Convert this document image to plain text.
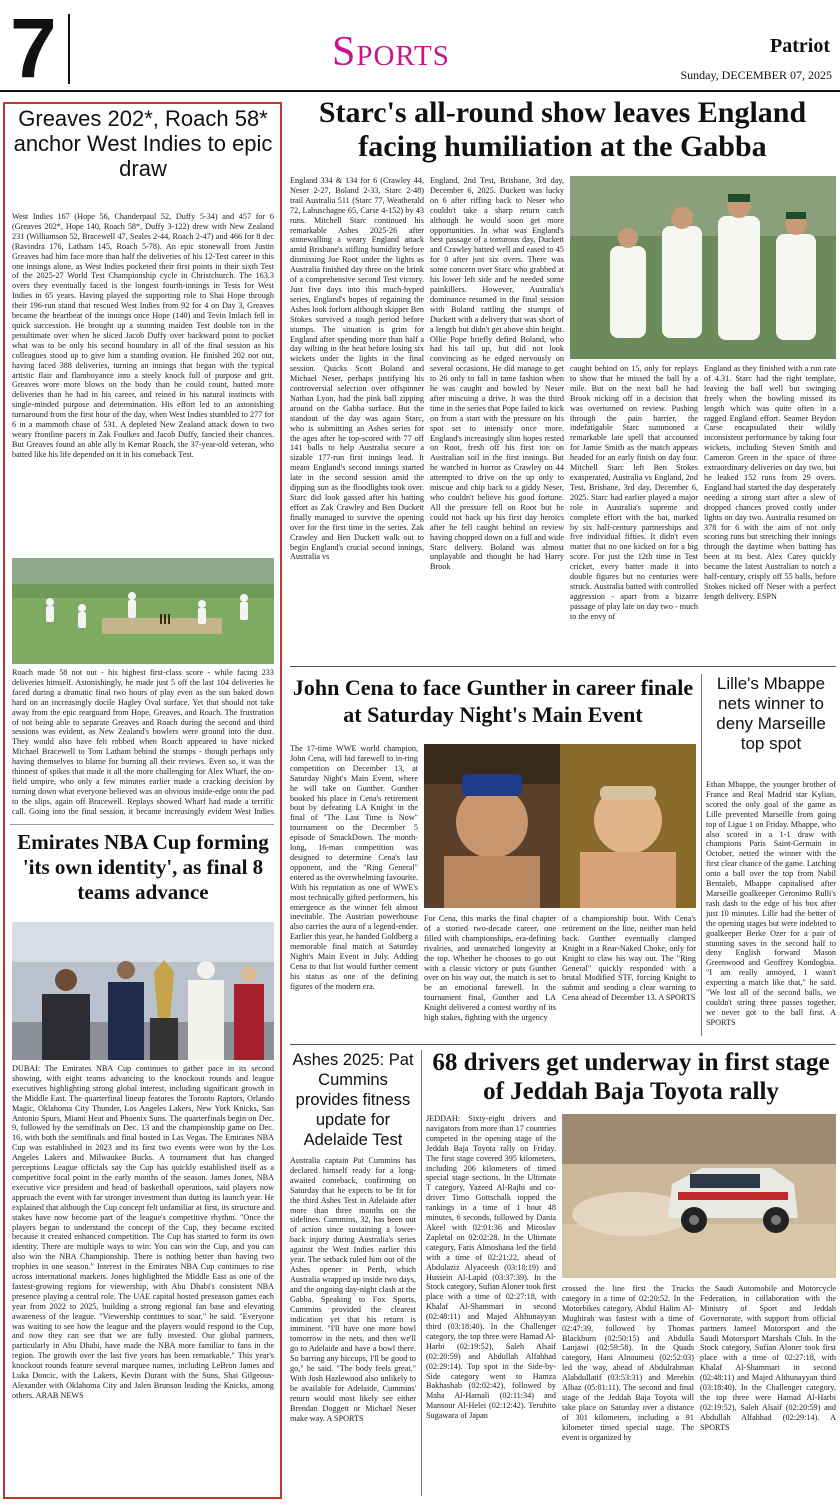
7	Sports	Patriot
Sunday, DECEMBER 07, 2025
Greaves 202*, Roach 58* anchor West Indies to epic draw
West Indies 167 (Hope 56, Chanderpaul 52, Duffy 5-34) and 457 for 6 (Greaves 202*, Hope 140, Roach 58*, Duffy 3-122) drew with New Zealand 231 (Williamson 52, Bracewell 47, Seales 2-44, Roach 2-47) and 466 for 8 dec (Ravindra 176, Latham 145, Roach 5-78). An epic stonewall from Justin Greaves had him face more than half the deliveries of his 12-Test career in this one innings alone, as West Indies pocketed their first points in their sixth Test of the 2025-27 World Test Championship cycle in Christchurch. The 163.3 overs they eventually faced is the longest fourth-innings in Tests for West Indies in 65 years. Having played the supporting role to Shai Hope through their 196-run stand that rescued West Indies from 92 for 4 on Day 3, Greaves became the heartbeat of the innings once Hope (140) and Tevin Imlach fell in quick succession. He brought up a stunning maiden Test double ton in the penultimate over when he sliced Jacob Duffy over backward point to pocket what was to be only his second boundary in all of the final session as his colleagues stood up to give him a standing ovation. He finished 202 not out, having faced 388 deliveries, turning an innings that began with the typical artistic flair and flamboyance into a steely knock full of purpose and grit. Greaves wore more blows on the body than he could count, batted more deliveries than he had in his career, and reined in his natural instincts with single-minded purpose and determination. His effort led to an astonishing turnaround from the first hour of the day, when West Indies stumbled to 277 for 6 in a mammoth chase of 531. A depleted New Zealand attack down to two weary frontline pacers in Zak Foulkes and Jacob Duffy, fancied their chances. But Greaves found an able ally in Kemar Roach, the 37-year-old veteran, who batted like his life depended on it in his comeback Test.
Roach made 58 not out - his highest first-class score - while facing 233 deliveries himself. Astonishingly, he made just 5 off the last 104 deliveries he faced during a dramatic final two hours of play even as the sun baked down hard on an increasingly docile Hagley Oval surface. Yet that should not take away from the epic rearguard from Hope, Greaves, and Roach. The frustration of not being able to separate Greaves and Roach during the second and third sessions was evident, as New Zealand's bowlers were ground into the dust. They would also have felt robbed when Roach appeared to have nicked Michael Bracewell to Tom Latham behind the stumps - though perhaps only having themselves to blame for burning all their reviews. Even so, it was the thinnest of spikes that made it all the more challenging for Alex Wharf, the on-field umpire, who only a few minutes earlier made a cracking decision by turning down what everyone believed was an obvious inside-edge onto the pad to the slips, again off Bracewell. Replays showed Wharf had made a terrific call. Going into the final session, it became increasingly evident West Indies
Emirates NBA Cup forming 'its own identity', as final 8 teams advance
DUBAI: The Emirates NBA Cup continues to gather pace in its second showing, with eight teams advancing to the knockout rounds and league executives highlighting strong global interest, including significant growth in the Middle East. The quarterfinal lineup features the Toronto Raptors, Orlando Magic, Oklahoma City Thunder, Los Angeles Lakers, New York Knicks, San Antonio Spurs, Miami Heat and Phoenix Suns. The quarterfinals begin on Dec. 9, followed by the semifinals on Dec. 13 and the championship game on Dec. 16, with both the semifinals and final hosted in Las Vegas. The Emirates NBA Cup was established in 2023 and its first two events were won by the Los Angeles Lakers and Milwaukee Bucks. A tournament that has changed perceptions League officials say the Cup has quickly established itself as a competitive focal point in the early months of the season. James Jones, NBA executive vice president and head of basketball operations, said players now approach the event with far stronger investment than during its launch year. He explained that although the Cup concept felt unfamiliar at first, its structure and stakes have now become part of the league's competitive rhythm. "Once the players began to understand the concept of the Cup, they became excited because it created enhanced competition. The Cup has started to form its own identity. There are multiple ways to win: You can win the Cup, and you can also win the NBA Championship. There is nothing better than having two trophies in one season." Interest in the Emirates NBA Cup continues to rise across international markets. Jones highlighted the Middle East as one of the fastest-growing regions for viewership, with Abu Dhabi's consistent NBA presence playing a central role. The UAE capital hosted preseason games each year from 2022 to 2025, building a strong regional fan base and elevating awareness of the league. "Viewership continues to soar," he said. "Everyone was waiting to see how the league and the players would respond to the Cup, and now they can see that we are fully invested. Our global partners, particularly in Abu Dhabi, have made the NBA more familiar to fans in the region. The growth over the last five years has been remarkable." This year's knockout rounds feature several marquee names, including LeBron James and Luka Doncic, with the Lakers, Kevin Durant with the Suns, Shai Gilgeous-Alexander with Oklahoma City and Jalen Brunson leading the Knicks, among others. ARAB NEWS
Starc's all-round show leaves England facing humiliation at the Gabba
England 334 & 134 for 6 (Crawley 44, Neser 2-27, Boland 2-33, Starc 2-48) trail Australia 511 (Starc 77, Weatherald 72, Labuschagne 65, Carse 4-152) by 43 runs. Mitchell Starc continued his remarkable Ashes 2025-26 after stonewalling a weary England attack amid Brisbane's stifling humidity before dismissing Joe Root under the lights as Australia finished day three on the brink of a comprehensive second Test victory. Just five days into this much-hyped series, England's hopes of regaining the Ashes look forlorn although skipper Ben Stokes survived a tough period before stumps. The situation is grim for England after spending more than half a day wilting in the heat before losing six wickets under the lights in the final session. Quicks Scott Boland and Michael Neser, perhaps justifying his controversial selection over offspinner Nathan Lyon, had the pink ball zipping around on the Gabba surface. But the standout of the day was again Starc, who is submitting an Ashes series for the ages after he top-scored with 77 off 141 balls to help Australia secure a sizable 177-run first innings lead. It meant England's second innings started late in the second session amid the dipping sun as the floodlights took over. Starc did look gassed after his batting effort as Zak Crawley and Ben Duckett finally managed to survive the opening over for the first time in the series. Zak Crawley and Ben Duckett walk out to begin England's crucial second innings, Australia vs
England, 2nd Test, Brisbane, 3rd day, December 6, 2025. Duckett was lucky on 6 after riffing back to Neser who couldn't take a sharp return catch although he would soon get more opportunities. In what was England's best passage of a torturous day, Duckett and Crawley batted well and eased to 45 for 0 after just six overs. There was some concern over Starc who grabbed at his lower left side and he needed some painkillers. However, Australia's dominance resumed in the final session with Boland rattling the stumps of Duckett with a delivery that was short of a length but didn't get above shin height. Ollie Pope briefly defied Boland, who had his tail up, but did not look convincing as he edged nervously on several occasions. He did manage to get to 26 only to fall in tame fashion when he was caught and bowled by Neser after miscuing a drive. It was the third time in the series that Pope failed to kick on from a start with the pressure on his spot set to intensify once more. England's increasingly slim hopes rested on Root, fresh off his first ton on Australian soil in the first innings. But he watched in horror as Crawley on 44 attempted to drive on the up only to miscue and chip back to a giddy Neser, who couldn't believe his good fortune. All the pressure fell on Root but he could not back up his first day heroics after he fell caught behind on review having chopped down on a full and wide Starc delivery. Boland was almost unplayable and thought he had Harry Brook
caught behind on 15, only for replays to show that he missed the ball by a mile. But on the next ball he had Brook nicking off in a decision that was overturned on review. Pushing through the pain barrier, the indefatigable Starc summoned a remarkable late spell that accounted for Jamie Smith as the match appears headed for an early finish on day four. Mitchell Starc left Ben Stokes exasperated, Australia vs England, 2nd Test, Brisbane, 3rd day, December 6, 2025. Starc had earlier played a major role in Australia's supreme and complete effort with the bat, marked by six half-century partnerships and five individual fifties. It didn't even matter that no one kicked on for a big score. For just the 12th time in Test cricket, every batter made it into double figures but no centuries were struck. Australia batted with controlled aggression - apart from a bizarre passage of play late on day two - much to the envy of
England as they finished with a run rate of 4.31. Starc had the right template, leaving the ball well but swinging freely when the bowling missed its length which was quite often in a ragged England effort. Seamer Brydon Carse encapsulated their wildly inconsistent performance by taking four wickets, including Steven Smith and Cameron Green in the space of three extraordinary deliveries on day two, but he leaked 152 runs from 29 overs. England had started the day desperately needing a strong start after a slew of dropped chances proved costly under lights on day two. Australia resumed on 378 for 6 with the aim of not only scoring runs but stretching their innings through the daytime when batting has been at its best. Alex Carey quickly became the latest Australian to notch a half-century, crisply off 55 balls, before Stokes nicked off Neser with a perfect length delivery. ESPN
John Cena to face Gunther in career finale at Saturday Night's Main Event
The 17-time WWE world champion, John Cena, will bid farewell to in-ring competition on December 13, at Saturday Night's Main Event, where he will take on Gunther. Gunther booked his place in Cena's retirement bout by defeating LA Knight in the final of "The Last Time is Now" tournament on the December 5 episode of SmackDown. The month-long, 16-man competition was designed to determine Cena's last opponent, and the "Ring General" entered as the overwhelming favourite. With his reputation as one of WWE's most technically gifted performers, his emergence as the winner felt almost inevitable. The Austrian powerhouse also carries the aura of a legend-ender. Earlier this year, he handed Goldberg a memorable final match at Saturday Night's Main Event in July. Adding Cena to that list would further cement his status as one of the defining figures of the modern era.
For Cena, this marks the final chapter of a storied two-decade career, one filled with championships, era-defining rivalries, and unmatched longevity at the top. Whether he chooses to go out with a classic victory or puts Gunther over on his way out, the match is set to be an emotional farewell. In the tournament final, Gunther and LA Knight delivered a contest worthy of its high stakes, fighting with the urgency
of a championship bout. With Cena's retirement on the line, neither man held back. Gunther eventually clamped Knight in a Rear-Naked Choke, only for Knight to claw his way out. The "Ring General" quickly responded with a brutal Modified STF, forcing Knight to submit and sending a clear warning to Cena ahead of December 13. A SPORTS
Lille's Mbappe nets winner to deny Marseille top spot
Ethan Mbappe, the younger brother of France and Real Madrid star Kylian, scored the only goal of the game as Lille prevented Marseille from going top of Ligue 1 on Friday. Mbappe, who also scored in a 1-1 draw with champions Paris Saint-Germain in October, netted the winner with the first clear chance of the game. Latching onto a ball over the top from Nabil Bentaleb, Mbappe capitalised after Marseille goalkeeper Geronimo Rulli's rash dash to the edge of his box after just 10 minutes. Lille had the better of the opening stages but were indebted to goalkeeper Berke Ozer for a pair of stunning saves in the second half to deny English forward Mason Greenwood and Geoffrey Kondogbia. "I am really annoyed, I wasn't expecting a match like that," he said. "We lost all of the second balls, we couldn't string three passes together, we never got to the ball first. A SPORTS
Ashes 2025: Pat Cummins provides fitness update for Adelaide Test
Australia captain Pat Cummins has declared himself ready for a long-awaited comeback, confirming on Saturday that he expects to be fit for the third Ashes Test in Adelaide after more than three months on the sidelines. Cummins, 32, has been out of action since sustaining a lower-back injury during Australia's series against the West Indies earlier this year. The setback ruled him out of the Ashes opener in Perth, which Australia wrapped up inside two days, and the ongoing day-night clash at the Gabba. Speaking to Fox Sports, Cummins provided the clearest indication yet that his return is imminent. "I'll have one more bowl tomorrow in the nets, and then we'll go to Adelaide and have a bowl there. So barring any hiccups, I'll be good to go," he said. "The body feels great." With Josh Hazlewood also unlikely to be available for Adelaide, Cummins' return would most likely see either Brendan Doggett or Michael Neser make way. A SPORTS
68 drivers get underway in first stage of Jeddah Baja Toyota rally
JEDDAH: Sixty-eight drivers and navigators from more than 17 countries competed in the opening stage of the Jeddah Baja Toyota rally on Friday. The first stage covered 395 kilometers, including 206 kilometers of timed special stage sections. In the Ultimate T category, Yazeed Al-Rajhi and co-driver Timo Gottschalk topped the rankings in a time of 1 hour 48 minutes, 6 seconds, followed by Dania Akeel with 02:01:36 and Miroslav Zapletal on 02:02:28. In the Ultimate category, Faris Almoshana led the field with a time of 02:21:22, ahead of Abdulaziz Alyaceesh (03:10:19) and Hussein Al-Lapid (03:37:39). In the Stock category, Sufian Aloner took first place with a time of 02:27:18, with Khalaf Al-Shammari in second (02:48:11) and Majed Althunayyan third (03:18:40). In the Challenger category, the top three were Hamad Al-Harbi (02:19:52), Saleh Alsaif (02:20:59) and Abdullah Alfahhad (02:29:14). Top spot in the Side-by-Side category went to Hamza Bakhashab (02:02:42), followed by Maha Al-Hamali (02:11:34) and Mansour Al-Helei (02:12:42). Teruhito Sugawara of Japan
crossed the line first the Trucks category in a time of 02:20:52. In the Motorbikes category, Abdul Halim Al-Mughirah was fastest with a time of 02:47:39, followed by Thomas Blackburn (02:50:15) and Abdulla Lanjawi (02:59:58). In the Quads category, Hani Alnoumesi (02:52:03) led the way, ahead of Abdulrahman Alabdullatif (03:53:31) and Merehin Albaz (05:01:11). The second and final stage of the Jeddah Baja Toyota will take place on Saturday over a distance of 301 kilometers, including a 91 kilometer timed special stage. The event is organized by
the Saudi Automobile and Motorcycle Federation, in collaboration with the Ministry of Sport and Jeddah Governorate, with support from official partners Jameel Motorsport and the Saudi Motorsport Marshals Club. In the Stock category, Sufian Aloner took first place with a time of 02:27:18, with Khalaf Al-Shammari in second (02:48:11) and Majed Althunayyan third (03:18:40). In the Challenger category, the top three were Hamad Al-Harbi (02:19:52), Saleh Alsaif (02:20:59) and Abdullah Alfahhad (02:29:14). A SPORTS
